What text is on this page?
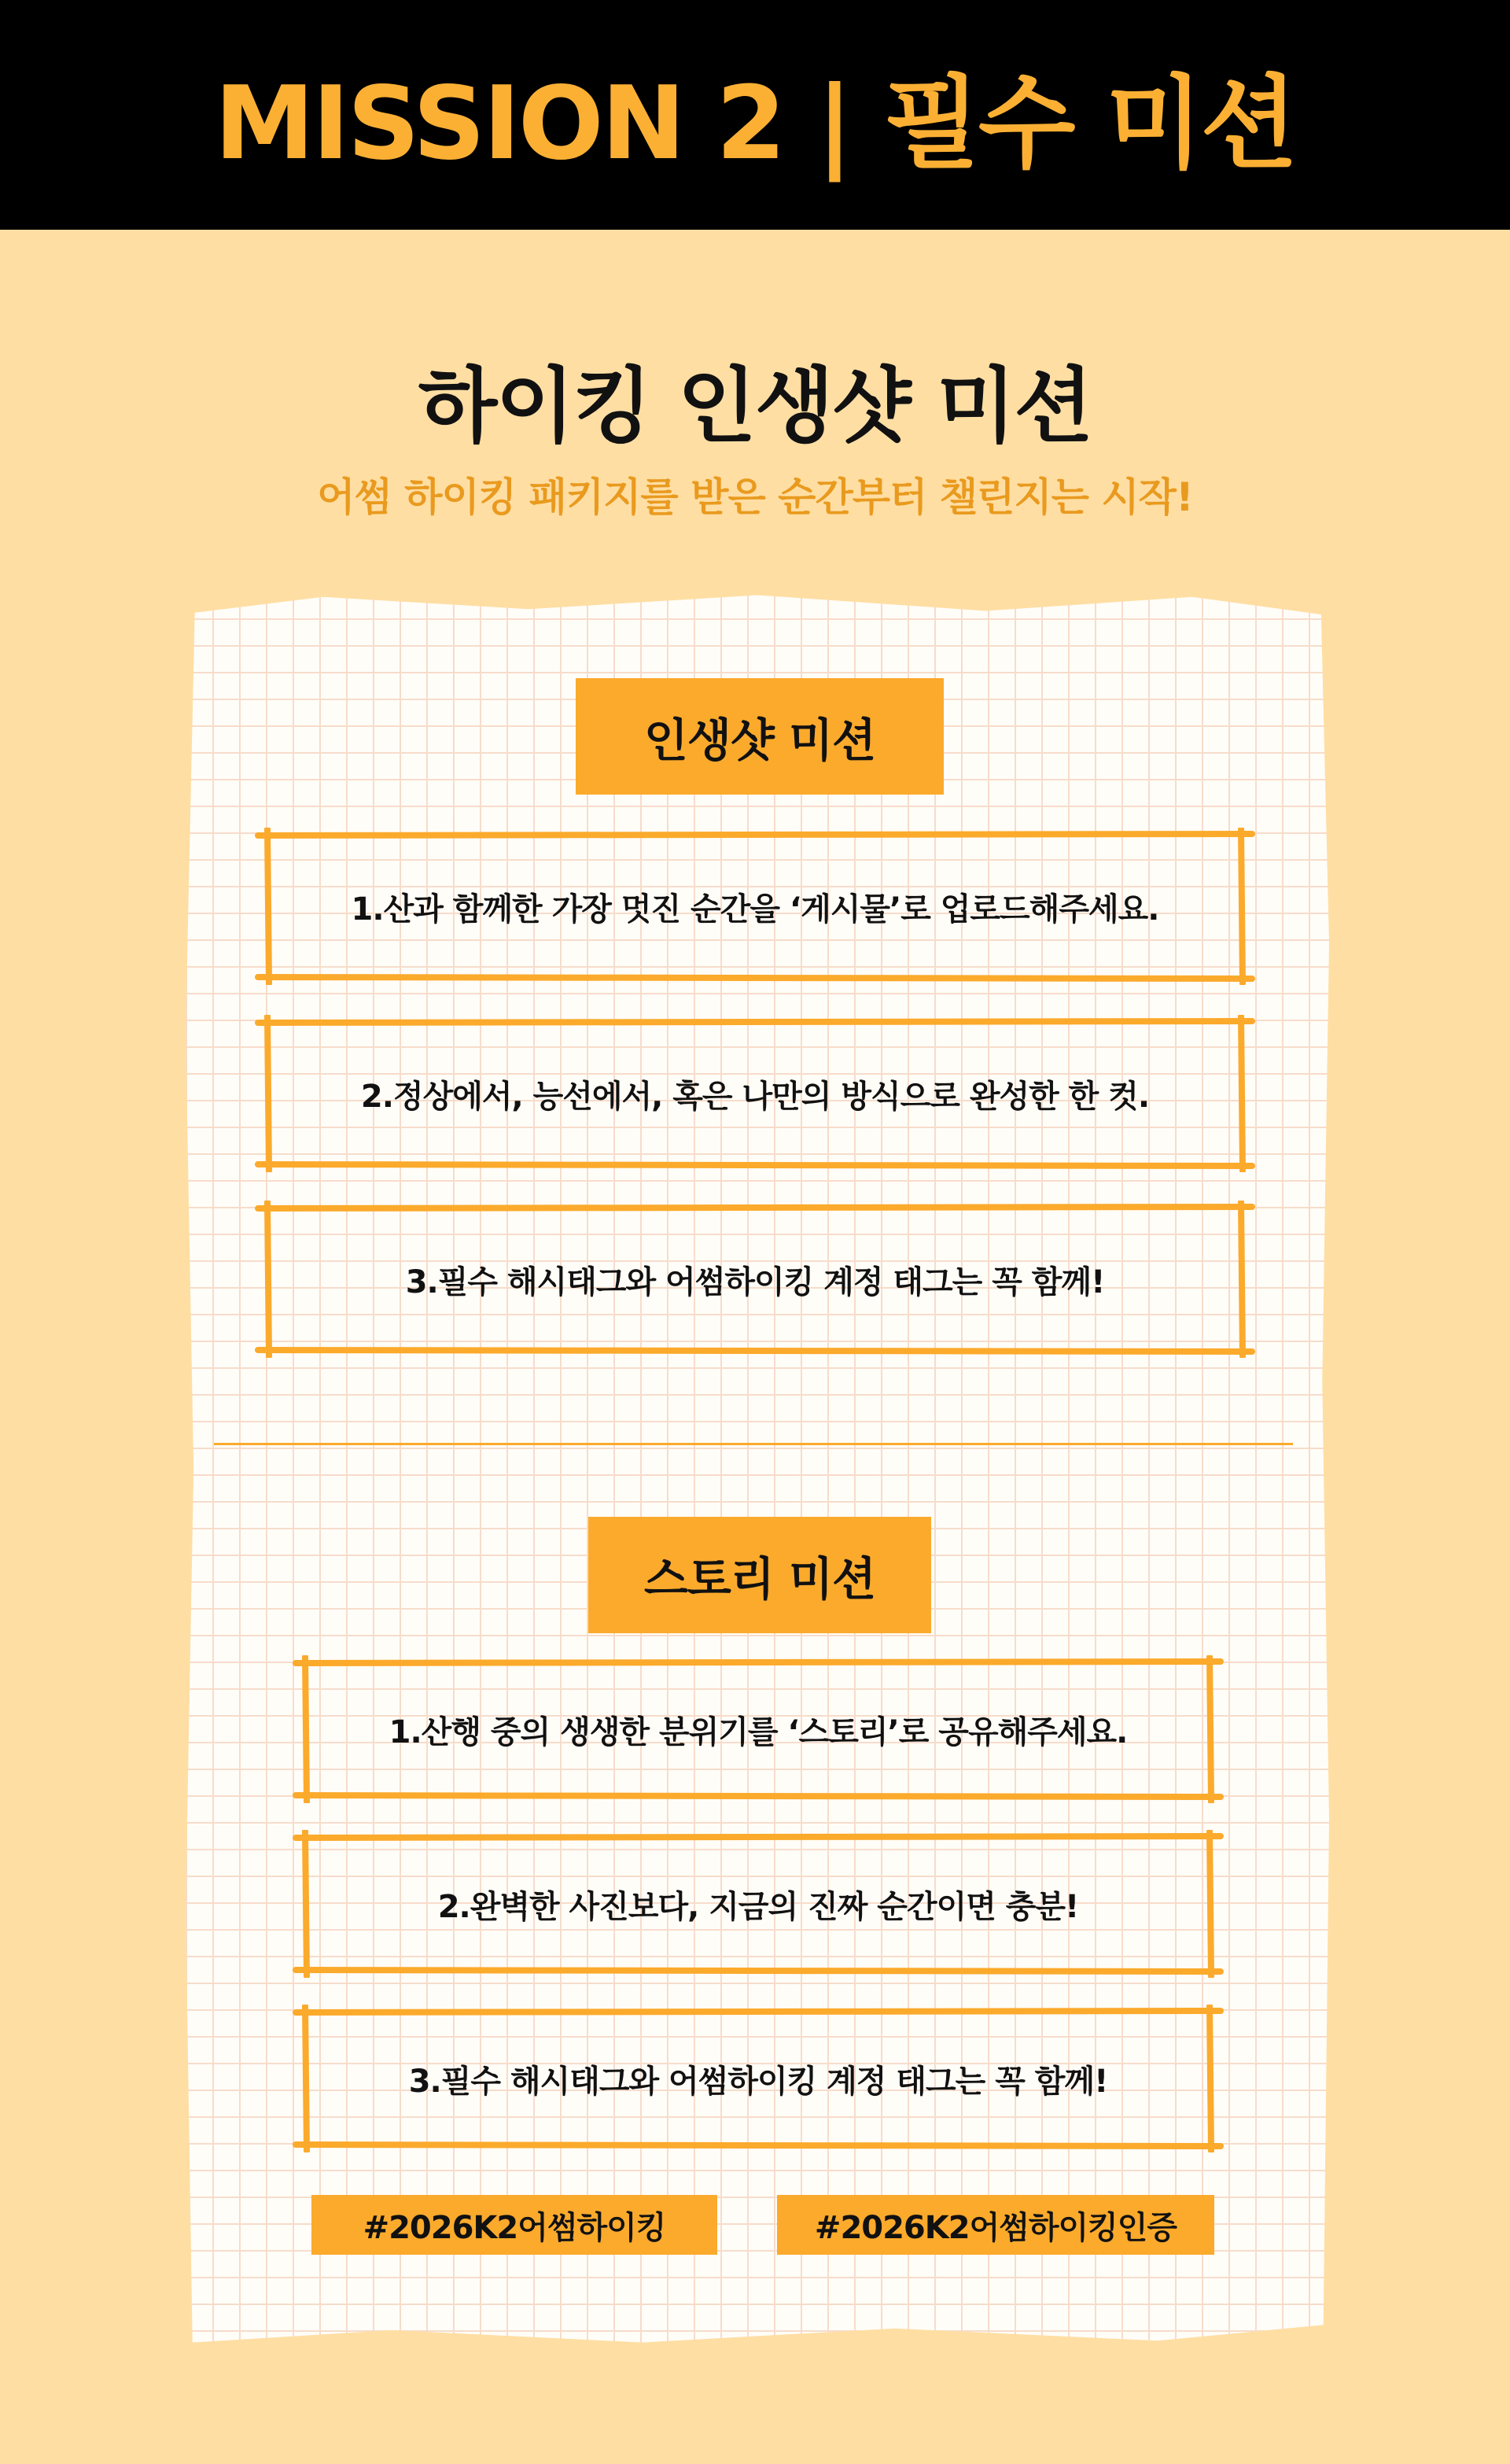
MISSION 2 | 필수 미션
하이킹 인생샷 미션
어썸 하이킹 패키지를 받은 순간부터 챌린지는 시작!
인생샷 미션
1.산과 함께한 가장 멋진 순간을 ‘게시물’로 업로드해주세요.
2.정상에서, 능선에서, 혹은 나만의 방식으로 완성한 한 컷.
3.필수 해시태그와 어썸하이킹 계정 태그는 꼭 함께!
스토리 미션
1.산행 중의 생생한 분위기를 ‘스토리’로 공유해주세요.
2.완벽한 사진보다, 지금의 진짜 순간이면 충분!
3.필수 해시태그와 어썸하이킹 계정 태그는 꼭 함께!
#2026K2어썸하이킹	#2026K2어썸하이킹인증
